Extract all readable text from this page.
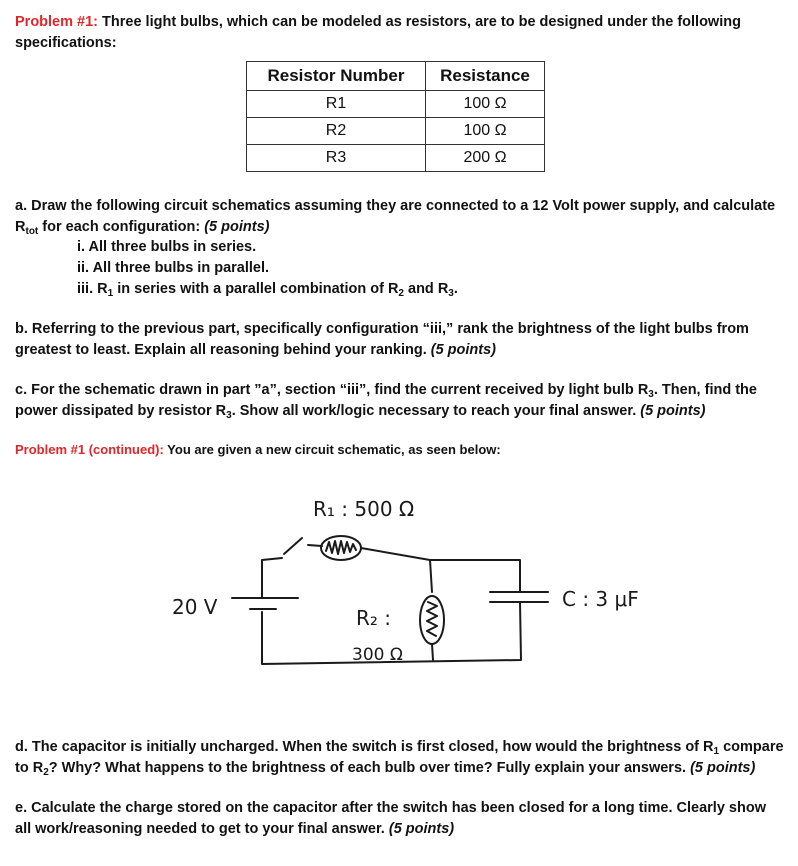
Problem #1: Three light bulbs, which can be modeled as resistors, are to be designed under the following
specifications:
Resistor Number	Resistance
R1	100 Ω
R2	100 Ω
R3	200 Ω
a. Draw the following circuit schematics assuming they are connected to a 12 Volt power supply, and calculate
$R_{tot}$ for each configuration: (5 points)
i. All three bulbs in series.
ii. All three bulbs in parallel.
iii. $R_1$ in series with a parallel combination of $R_2$ and $R_3$.
b. Referring to the previous part, specifically configuration “iii,” rank the brightness of the light bulbs from
greatest to least. Explain all reasoning behind your ranking. (5 points)
c. For the schematic drawn in part ”a”, section “iii”, find the current received by light bulb $R_3$. Then, find the
power dissipated by resistor $R_3$. Show all work/logic necessary to reach your final answer. (5 points)
Problem #1 (continued): You are given a new circuit schematic, as seen below:
R₁ : 500 Ω
20 V	R₂ :
300 Ω
C : 3 μF
d. The capacitor is initially uncharged. When the switch is first closed, how would the brightness of $R_1$ compare
to $R_2$? Why? What happens to the brightness of each bulb over time? Fully explain your answers. (5 points)
e. Calculate the charge stored on the capacitor after the switch has been closed for a long time. Clearly show
all work/reasoning needed to get to your final answer. (5 points)
